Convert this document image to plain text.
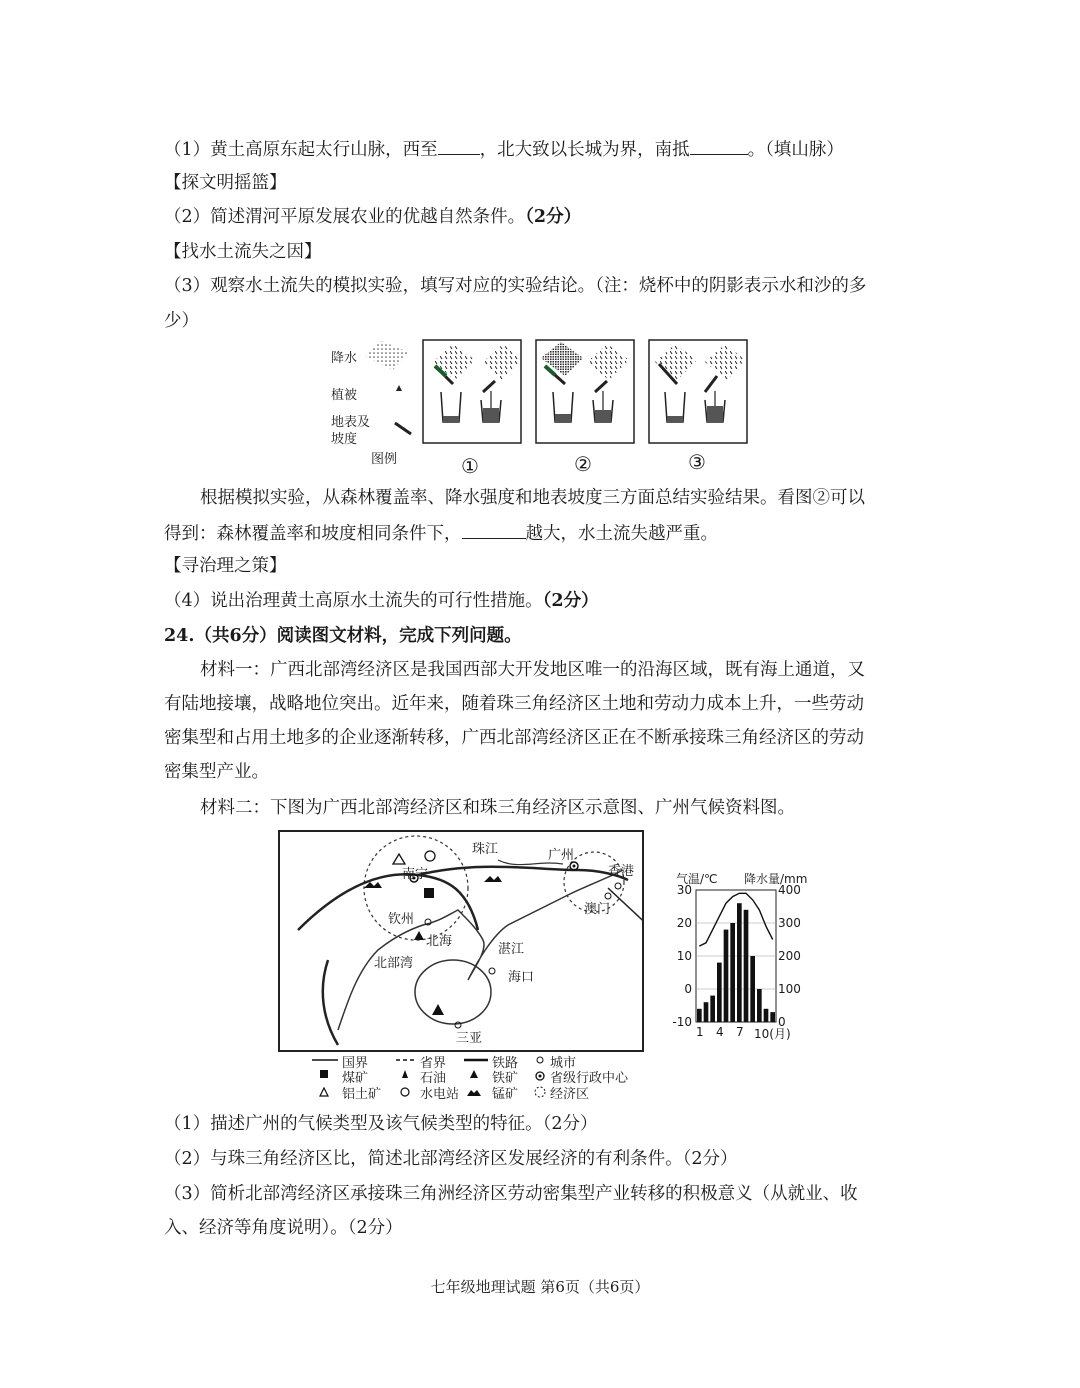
（1）黄土高原东起太行山脉，西至 ，北大致以长城为界，南抵	。（填山脉）
【探文明摇篮】
（2）简述渭河平原发展农业的优越自然条件。（2分）
【找水土流失之因】
（3）观察水土流失的模拟实验，填写对应的实验结论。（注：烧杯中的阴影表示水和沙的多
少）
降水
植被
地表及
坡度
图例	①	②	③
根据模拟实验，从森林覆盖率、降水强度和地表坡度三方面总结实验结果。看图②可以
得到：森林覆盖率和坡度相同条件下，	越大，水土流失越严重。
【寻治理之策】
（4）说出治理黄土高原水土流失的可行性措施。（2分）
24.（共6分）阅读图文材料，完成下列问题。
材料一：广西北部湾经济区是我国西部大开发地区唯一的沿海区域，既有海上通道，又
有陆地接壤，战略地位突出。近年来，随着珠三角经济区土地和劳动力成本上升，一些劳动
密集型和占用土地多的企业逐渐转移，广西北部湾经济区正在不断承接珠三角经济区的劳动
密集型产业。
材料二：下图为广西北部湾经济区和珠三角经济区示意图、广州气候资料图。
南宁
钦州
北海
湛江
海口
三亚
广州
香港
澳门
珠江
北部湾
国界	省界	铁路 城市
煤矿	石油	铁矿 省级行政中心
铝土矿	水电站	锰矿 经济区
气温/℃ 降水量/mm
30
20
10
0
-10
400
300
200
100
0
1 4 7 10(月)
（1）描述广州的气候类型及该气候类型的特征。（2分）
（2）与珠三角经济区比，简述北部湾经济区发展经济的有利条件。（2分）
（3）简析北部湾经济区承接珠三角洲经济区劳动密集型产业转移的积极意义（从就业、收
入、经济等角度说明）。（2分）
七年级地理试题 第6页（共6页）
